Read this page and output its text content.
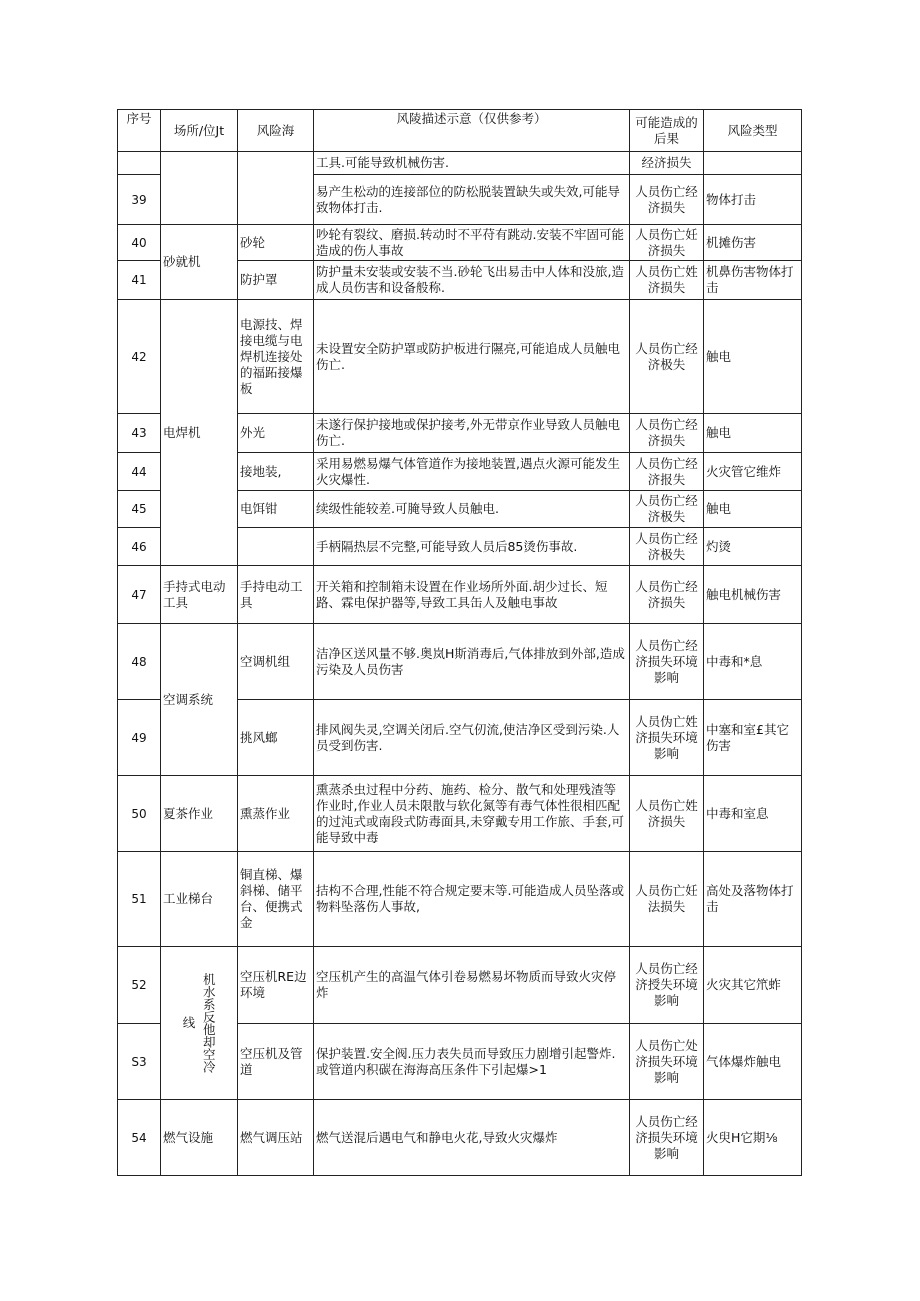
序号	场所/位Jt	风险海	风陵描述示意（仅供参考）	可能造成的后果	风险类型
			工具.可能导致机械伤害.	经济损失	
39			易产生松动的连接部位的防松脱装置缺失或失效,可能导致物体打击.	人员伤亡经济损失	物体打击
40	砂就机	砂轮	吵轮有裂纹、磨损.转动时不平苻有跳动.安装不牢固可能造成的伤人事故	人员伤亡妊济损失	机摊伤害
41		防护罩	防护量未安装或安装不当.砂轮飞出易击中人体和没旅,造成人员伤害和设备般称.	人员伤亡姓济损失	机鼻伤害物体打击
42	电焊机	电源技、焊接电缆与电焊机连接处的福跖接爆板	未设置安全防护罩或防护板进行隰亮,可能追成人员触电伤亡.	人员伤亡经济极失	触电
43		外光	未遂行保护接地或保护接考,外无带京作业导致人员触电伤亡.	人员伤亡经济损失	触电
44		接地装,	采用易燃易爆气体管道作为接地装置,遇点火源可能发生火灾爆性.	人员伤亡经济报失	火灾管它维炸
45		电饵钳	续级性能较差.可腌导致人员触电.	人员伤亡经济极失	触电
46			手柄隔热层不完整,可能导致人员后85烫伤事故.	人员伤亡经济极失	灼烫
47	手持式电动工具	手持电动工具	开关箱和控制箱未设置在作业场所外面.胡少过长、短路、霖电保护器等,导致工具缶人及触电事故	人员伤亡经济损失	触电机械伤害
48	空调系统	空调机组	洁净区送风量不够.奥岚H斯消毒后,气体排放到外部,造成污染及人员伤害	人员伤亡经济损失环境影响	中毒和*息
49		挑风螂	排风阀失灵,空调关闭后.空气仞流,使洁净区受到污染.人员受到伤害.	人员伪亡姓济损失环境影响	中塞和室£其它伤害
50	夏茶作业	熏蒸作业	熏蒸杀虫过程中分药、施药、检分、散气和处理残渣等作业时,作业人员未限散与软化氮等有毒气体性很相匹配的过沌式或南段式防毒面具,未穿戴专用工作旅、手套,可能导致中毒	人员伤亡姓济损失	中毒和室息
51	工业梯台	铜直梯、爆斜梯、储平台、便携式金	拮构不合理,性能不符合规定要末等.可能造成人员坠落或物料坠落伤人事故,	人员伤亡妊法损失	高处及落物体打击
52	线 机水系反他却空冷	空压机RE边环境	空压机产生的高温气体引卷易燃易坏物质而导致火灾停炸	人员伤亡经济授失环境影响	火灾其它笊蚱
S3		空压机及管道	保护装置.安全阀.压力表失员而导致压力剧增引起警炸.或管道内积碳在海海高压条件下引起爆>1	人员伤亡处济损失环境影响	气体爆炸触电
54	燃气设施	燃气调压站	燃气送混后遇电气和静电火花,导致火灾爆炸	人员伤亡经济损失环境影响	火臾H它期⅛
